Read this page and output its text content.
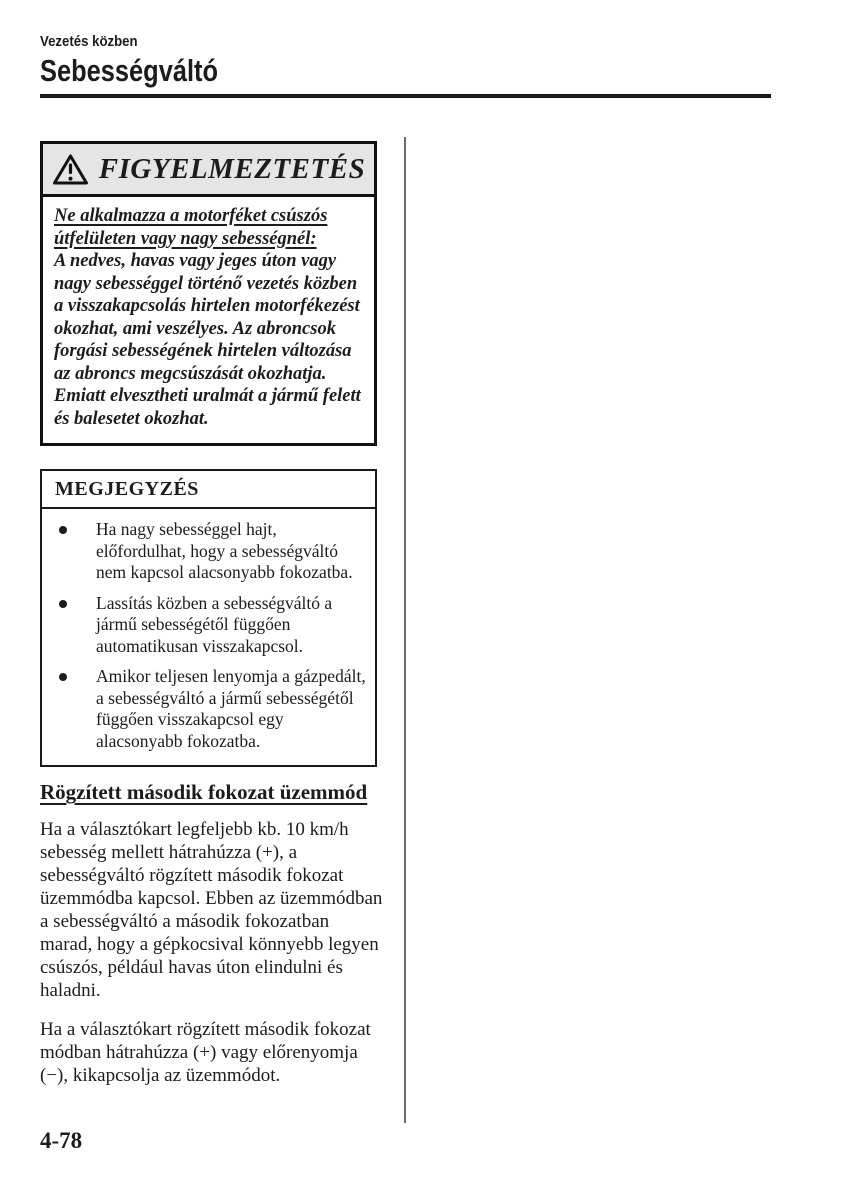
Vezetés közben
Sebességváltó
FIGYELMEZTETÉS

Ne alkalmazza a motorféket csúszós útfelületen vagy nagy sebességnél:

A nedves, havas vagy jeges úton vagy nagy sebességgel történő vezetés közben a visszakapcsolás hirtelen motorfékezést okozhat, ami veszélyes. Az abroncsok forgási sebességének hirtelen változása az abroncs megcsúszását okozhatja. Emiatt elvesztheti uralmát a jármű felett és balesetet okozhat.

MEGJEGYZÉS
Ha nagy sebességgel hajt, előfordulhat, hogy a sebességváltó nem kapcsol alacsonyabb fokozatba.
Lassítás közben a sebességváltó a jármű sebességétől függően automatikusan visszakapcsol.
Amikor teljesen lenyomja a gázpedált, a sebességváltó a jármű sebességétől függően visszakapcsol egy alacsonyabb fokozatba.
Rögzített második fokozat üzemmód

Ha a választókart legfeljebb kb. 10 km/h sebesség mellett hátrahúzza (+), a sebességváltó rögzített második fokozat üzemmódba kapcsol. Ebben az üzemmódban a sebességváltó a második fokozatban marad, hogy a gépkocsival könnyebb legyen csúszós, például havas úton elindulni és haladni.

Ha a választókart rögzített második fokozat módban hátrahúzza (+) vagy előrenyomja (−), kikapcsolja az üzemmódot.

4-78
